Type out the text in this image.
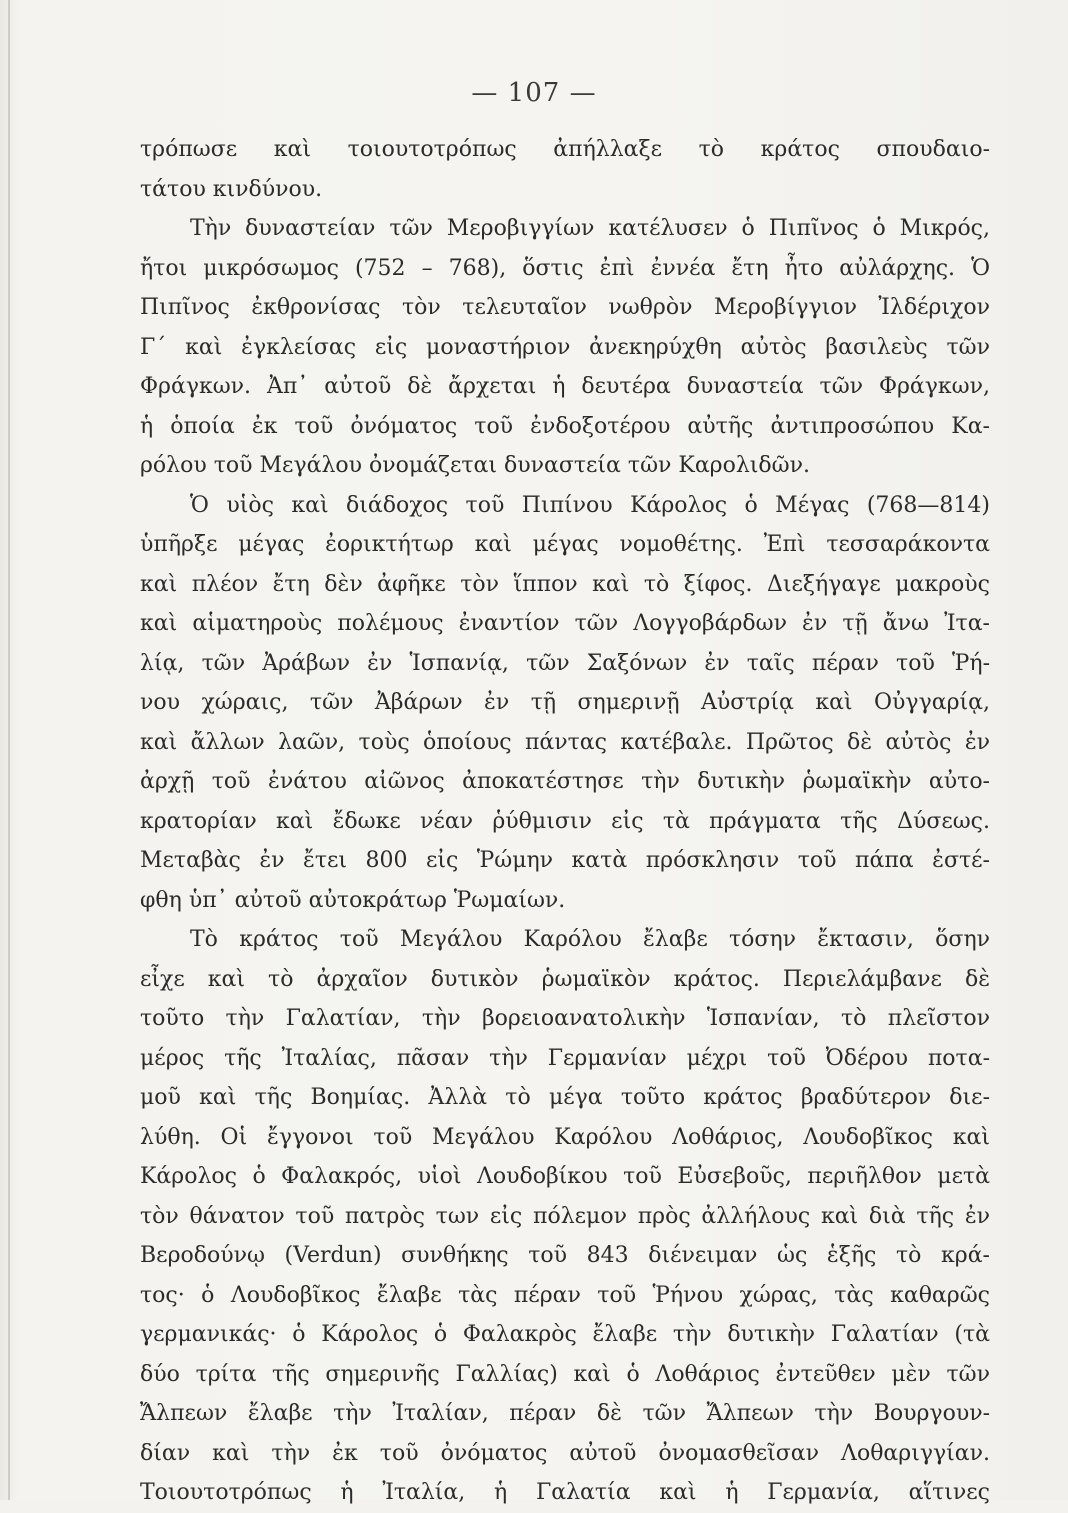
— 107 —
τρόπωσε καὶ τοιουτοτρόπως ἀπήλλαξε τὸ κράτος σπουδαιο-
τάτου κινδύνου.
Τὴν δυναστείαν τῶν Μεροβιγγίων κατέλυσεν ὁ Πιπῖνος ὁ Μικρός,
ἤτοι μικρόσωμος (752 – 768), ὅστις ἐπὶ ἐννέα ἔτη ἦτο αὐλάρχης. Ὁ
Πιπῖνος ἐκθρονίσας τὸν τελευταῖον νωθρὸν Μεροβίγγιον Ἰλδέριχον
Γ΄ καὶ ἐγκλείσας εἰς μοναστήριον ἀνεκηρύχθη αὐτὸς βασιλεὺς τῶν
Φράγκων. Ἀπ᾿ αὐτοῦ δὲ ἄρχεται ἡ δευτέρα δυναστεία τῶν Φράγκων,
ἡ ὁποία ἐκ τοῦ ὀνόματος τοῦ ἐνδοξοτέρου αὐτῆς ἀντιπροσώπου Κα-
ρόλου τοῦ Μεγάλου ὀνομάζεται δυναστεία τῶν Καρολιδῶν.
Ὁ υἱὸς καὶ διάδοχος τοῦ Πιπίνου Κάρολος ὁ Μέγας (768—814)
ὑπῆρξε μέγας ἐορικτήτωρ καὶ μέγας νομοθέτης. Ἐπὶ τεσσαράκοντα
καὶ πλέον ἔτη δὲν ἀφῆκε τὸν ἵππον καὶ τὸ ξίφος. Διεξήγαγε μακροὺς
καὶ αἱματηροὺς πολέμους ἐναντίον τῶν Λογγοβάρδων ἐν τῇ ἄνω Ἰτα-
λίᾳ, τῶν Ἀράβων ἐν Ἱσπανίᾳ, τῶν Σαξόνων ἐν ταῖς πέραν τοῦ Ῥή-
νου χώραις, τῶν Ἀβάρων ἐν τῇ σημερινῇ Αὐστρίᾳ καὶ Οὐγγαρίᾳ,
καὶ ἄλλων λαῶν, τοὺς ὁποίους πάντας κατέβαλε. Πρῶτος δὲ αὐτὸς ἐν
ἀρχῇ τοῦ ἐνάτου αἰῶνος ἀποκατέστησε τὴν δυτικὴν ῥωμαϊκὴν αὐτο-
κρατορίαν καὶ ἔδωκε νέαν ῥύθμισιν εἰς τὰ πράγματα τῆς Δύσεως.
Μεταβὰς ἐν ἔτει 800 εἰς Ῥώμην κατὰ πρόσκλησιν τοῦ πάπα ἐστέ-
φθη ὑπ᾿ αὐτοῦ αὐτοκράτωρ Ῥωμαίων.
Τὸ κράτος τοῦ Μεγάλου Καρόλου ἔλαβε τόσην ἔκτασιν, ὅσην
εἶχε καὶ τὸ ἀρχαῖον δυτικὸν ῥωμαϊκὸν κράτος. Περιελάμβανε δὲ
τοῦτο τὴν Γαλατίαν, τὴν βορειοανατολικὴν Ἱσπανίαν, τὸ πλεῖστον
μέρος τῆς Ἰταλίας, πᾶσαν τὴν Γερμανίαν μέχρι τοῦ Ὀδέρου ποτα-
μοῦ καὶ τῆς Βοημίας. Ἀλλὰ τὸ μέγα τοῦτο κράτος βραδύτερον διε-
λύθη. Οἱ ἔγγονοι τοῦ Μεγάλου Καρόλου Λοθάριος, Λουδοβῖκος καὶ
Κάρολος ὁ Φαλακρός, υἱοὶ Λουδοβίκου τοῦ Εὐσεβοῦς, περιῆλθον μετὰ
τὸν θάνατον τοῦ πατρὸς των εἰς πόλεμον πρὸς ἀλλήλους καὶ διὰ τῆς ἐν
Βεροδούνῳ (Verdun) συνθήκης τοῦ 843 διένειμαν ὡς ἑξῆς τὸ κρά-
τος· ὁ Λουδοβῖκος ἔλαβε τὰς πέραν τοῦ Ῥήνου χώρας, τὰς καθαρῶς
γερμανικάς· ὁ Κάρολος ὁ Φαλακρὸς ἔλαβε τὴν δυτικὴν Γαλατίαν (τὰ
δύο τρίτα τῆς σημερινῆς Γαλλίας) καὶ ὁ Λοθάριος ἐντεῦθεν μὲν τῶν
Ἄλπεων ἔλαβε τὴν Ἰταλίαν, πέραν δὲ τῶν Ἄλπεων τὴν Βουργουν-
δίαν καὶ τὴν ἐκ τοῦ ὀνόματος αὐτοῦ ὀνομασθεῖσαν Λοθαριγγίαν.
Τοιουτοτρόπως ἡ Ἰταλία, ἡ Γαλατία καὶ ἡ Γερμανία, αἵτινες
